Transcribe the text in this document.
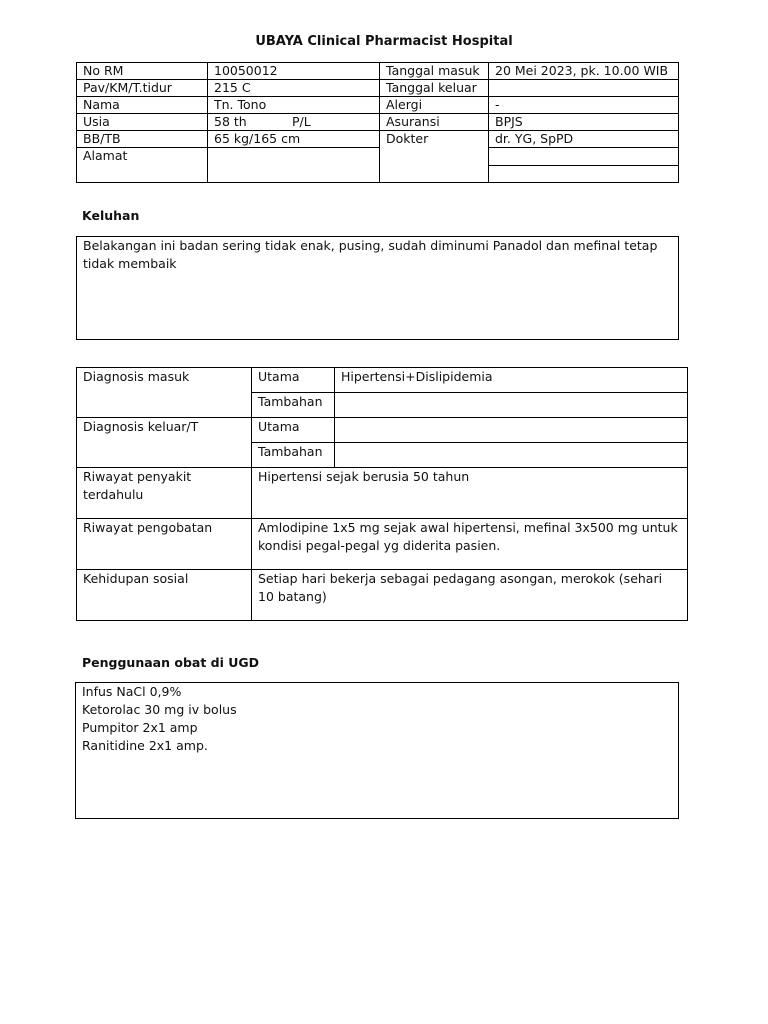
UBAYA Clinical Pharmacist Hospital
No RM	10050012	Tanggal masuk	20 Mei 2023, pk. 10.00 WIB
Pav/KM/T.tidur	215 C	Tanggal keluar	
Nama	Tn. Tono	Alergi	-
Usia	58 th P/L	Asuransi	BPJS
BB/TB	65 kg/165 cm	Dokter	dr. YG, SpPD
Alamat			

Keluhan
Belakangan ini badan sering tidak enak, pusing, sudah diminumi Panadol dan mefinal tetap tidak membaik
Diagnosis masuk	Utama	Hipertensi+Dislipidemia
	Tambahan	
Diagnosis keluar/T	Utama	
	Tambahan	
Riwayat penyakit terdahulu	Hipertensi sejak berusia 50 tahun	
Riwayat pengobatan	Amlodipine 1x5 mg sejak awal hipertensi, mefinal 3x500 mg untuk kondisi pegal-pegal yg diderita pasien.	
Kehidupan sosial	Setiap hari bekerja sebagai pedagang asongan, merokok (sehari 10 batang)	
Penggunaan obat di UGD
Infus NaCl 0,9%
Ketorolac 30 mg iv bolus
Pumpitor 2x1 amp
Ranitidine 2x1 amp.
